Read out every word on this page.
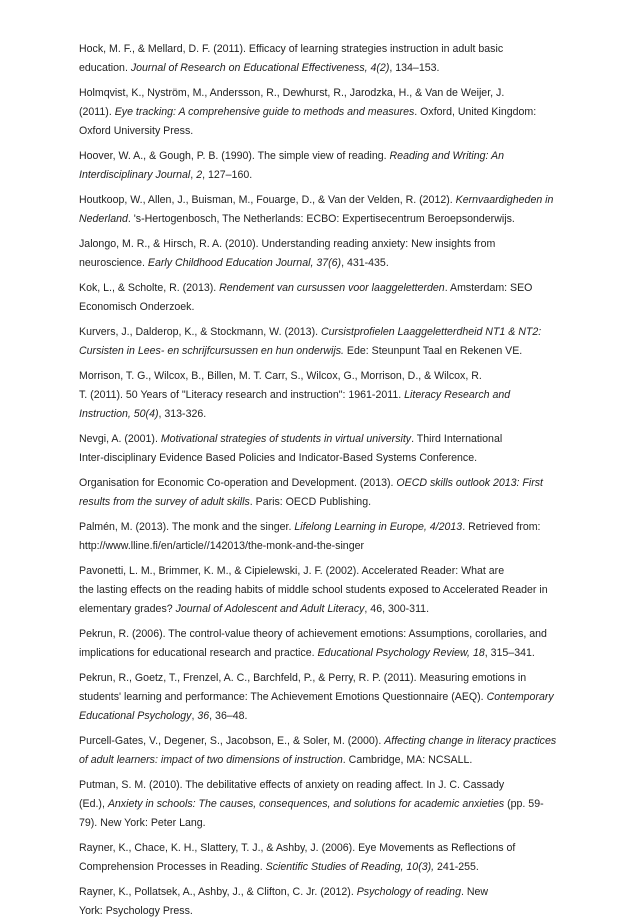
Hock, M. F., & Mellard, D. F. (2011). Efficacy of learning strategies instruction in adult basic
education. Journal of Research on Educational Effectiveness, 4(2), 134–153.

Holmqvist, K., Nyström, M., Andersson, R., Dewhurst, R., Jarodzka, H., & Van de Weijer, J.
(2011). Eye tracking: A comprehensive guide to methods and measures. Oxford, United Kingdom:
Oxford University Press.

Hoover, W. A., & Gough, P. B. (1990). The simple view of reading. Reading and Writing: An
Interdisciplinary Journal, 2, 127–160.

Houtkoop, W., Allen, J., Buisman, M., Fouarge, D., & Van der Velden, R. (2012). Kernvaardigheden in
Nederland. 's-Hertogenbosch, The Netherlands: ECBO: Expertisecentrum Beroepsonderwijs.

Jalongo, M. R., & Hirsch, R. A. (2010). Understanding reading anxiety: New insights from
neuroscience. Early Childhood Education Journal, 37(6), 431-435.

Kok, L., & Scholte, R. (2013). Rendement van cursussen voor laaggeletterden. Amsterdam: SEO
Economisch Onderzoek.

Kurvers, J., Dalderop, K., & Stockmann, W. (2013). Cursistprofielen Laaggeletterdheid NT1 & NT2:
Cursisten in Lees- en schrijfcursussen en hun onderwijs. Ede: Steunpunt Taal en Rekenen VE.

Morrison, T. G., Wilcox, B., Billen, M. T. Carr, S., Wilcox, G., Morrison, D., & Wilcox, R.
T. (2011). 50 Years of "Literacy research and instruction": 1961-2011. Literacy Research and
Instruction, 50(4), 313-326.

Nevgi, A. (2001). Motivational strategies of students in virtual university. Third International
Inter-disciplinary Evidence Based Policies and Indicator-Based Systems Conference.

Organisation for Economic Co-operation and Development. (2013). OECD skills outlook 2013: First
results from the survey of adult skills. Paris: OECD Publishing.

Palmén, M. (2013). The monk and the singer. Lifelong Learning in Europe, 4/2013. Retrieved from:
http://www.lline.fi/en/article//142013/the-monk-and-the-singer

Pavonetti, L. M., Brimmer, K. M., & Cipielewski, J. F. (2002). Accelerated Reader: What are
the lasting effects on the reading habits of middle school students exposed to Accelerated Reader in
elementary grades? Journal of Adolescent and Adult Literacy, 46, 300-311.

Pekrun, R. (2006). The control-value theory of achievement emotions: Assumptions, corollaries, and
implications for educational research and practice. Educational Psychology Review, 18, 315–341.

Pekrun, R., Goetz, T., Frenzel, A. C., Barchfeld, P., & Perry, R. P. (2011). Measuring emotions in
students' learning and performance: The Achievement Emotions Questionnaire (AEQ). Contemporary
Educational Psychology, 36, 36–48.

Purcell-Gates, V., Degener, S., Jacobson, E., & Soler, M. (2000). Affecting change in literacy practices
of adult learners: impact of two dimensions of instruction. Cambridge, MA: NCSALL.

Putman, S. M. (2010). The debilitative effects of anxiety on reading affect. In J. C. Cassady
(Ed.), Anxiety in schools: The causes, consequences, and solutions for academic anxieties (pp. 59-
79). New York: Peter Lang.

Rayner, K., Chace, K. H., Slattery, T. J., & Ashby, J. (2006). Eye Movements as Reflections of
Comprehension Processes in Reading. Scientific Studies of Reading, 10(3), 241-255.

Rayner, K., Pollatsek, A., Ashby, J., & Clifton, C. Jr. (2012). Psychology of reading. New
York: Psychology Press.
